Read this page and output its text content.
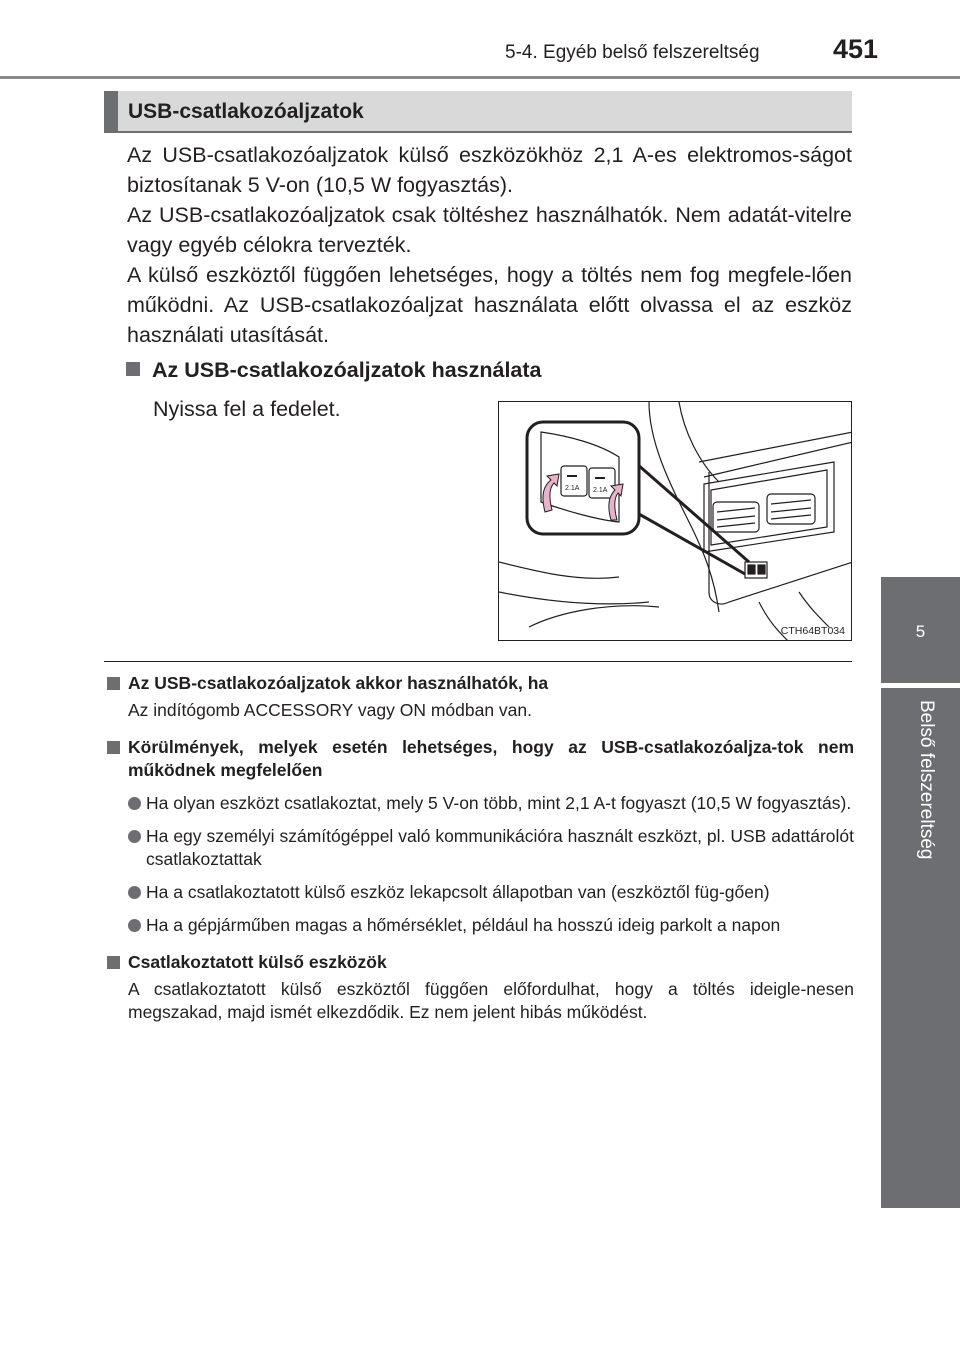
5-4. Egyéb belső felszereltség	451
5
Belső felszereltség
USB-csatlakozóaljzatok

Az USB-csatlakozóaljzatok külső eszközökhöz 2,1 A-es elektromos-ságot biztosítanak 5 V-on (10,5 W fogyasztás).

Az USB-csatlakozóaljzatok csak töltéshez használhatók. Nem adatát-vitelre vagy egyéb célokra tervezték.

A külső eszköztől függően lehetséges, hogy a töltés nem fog megfele-lően működni. Az USB-csatlakozóaljzat használata előtt olvassa el az eszköz használati utasítását.

Az USB-csatlakozóaljzatok használata
Nyissa fel a fedelet.
2.1A 2.1A
CTH64BT034
Az USB-csatlakozóaljzatok akkor használhatók, ha
Az indítógomb ACCESSORY vagy ON módban van.
Körülmények, melyek esetén lehetséges, hogy az USB-csatlakozóaljza-tok nem működnek megfelelően
Ha olyan eszközt csatlakoztat, mely 5 V-on több, mint 2,1 A-t fogyaszt (10,5 W fogyasztás).
Ha egy személyi számítógéppel való kommunikációra használt eszközt, pl. USB adattárolót csatlakoztattak
Ha a csatlakoztatott külső eszköz lekapcsolt állapotban van (eszköztől füg-gően)
Ha a gépjárműben magas a hőmérséklet, például ha hosszú ideig parkolt a napon
Csatlakoztatott külső eszközök
A csatlakoztatott külső eszköztől függően előfordulhat, hogy a töltés ideigle-nesen megszakad, majd ismét elkezdődik. Ez nem jelent hibás működést.
